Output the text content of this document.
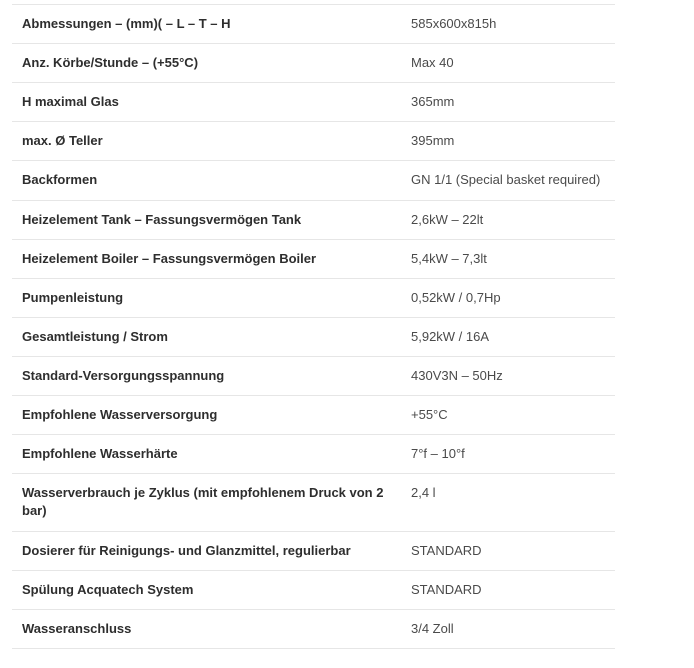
Abmessungen – (mm)( – L – T – H	585x600x815h
Anz. Körbe/Stunde – (+55°C)	Max 40
H maximal Glas	365mm
max. Ø Teller	395mm
Backformen	GN 1/1 (Special basket required)
Heizelement Tank – Fassungsvermögen Tank	2,6kW – 22lt
Heizelement Boiler – Fassungsvermögen Boiler	5,4kW – 7,3lt
Pumpenleistung	0,52kW / 0,7Hp
Gesamtleistung / Strom	5,92kW / 16A
Standard-Versorgungsspannung	430V3N – 50Hz
Empfohlene Wasserversorgung	+55°C
Empfohlene Wasserhärte	7°f – 10°f
Wasserverbrauch je Zyklus (mit empfohlenem Druck von 2 bar)	2,4 l
Dosierer für Reinigungs- und Glanzmittel, regulierbar	STANDARD
Spülung Acquatech System	STANDARD
Wasseranschluss	3/4 Zoll
